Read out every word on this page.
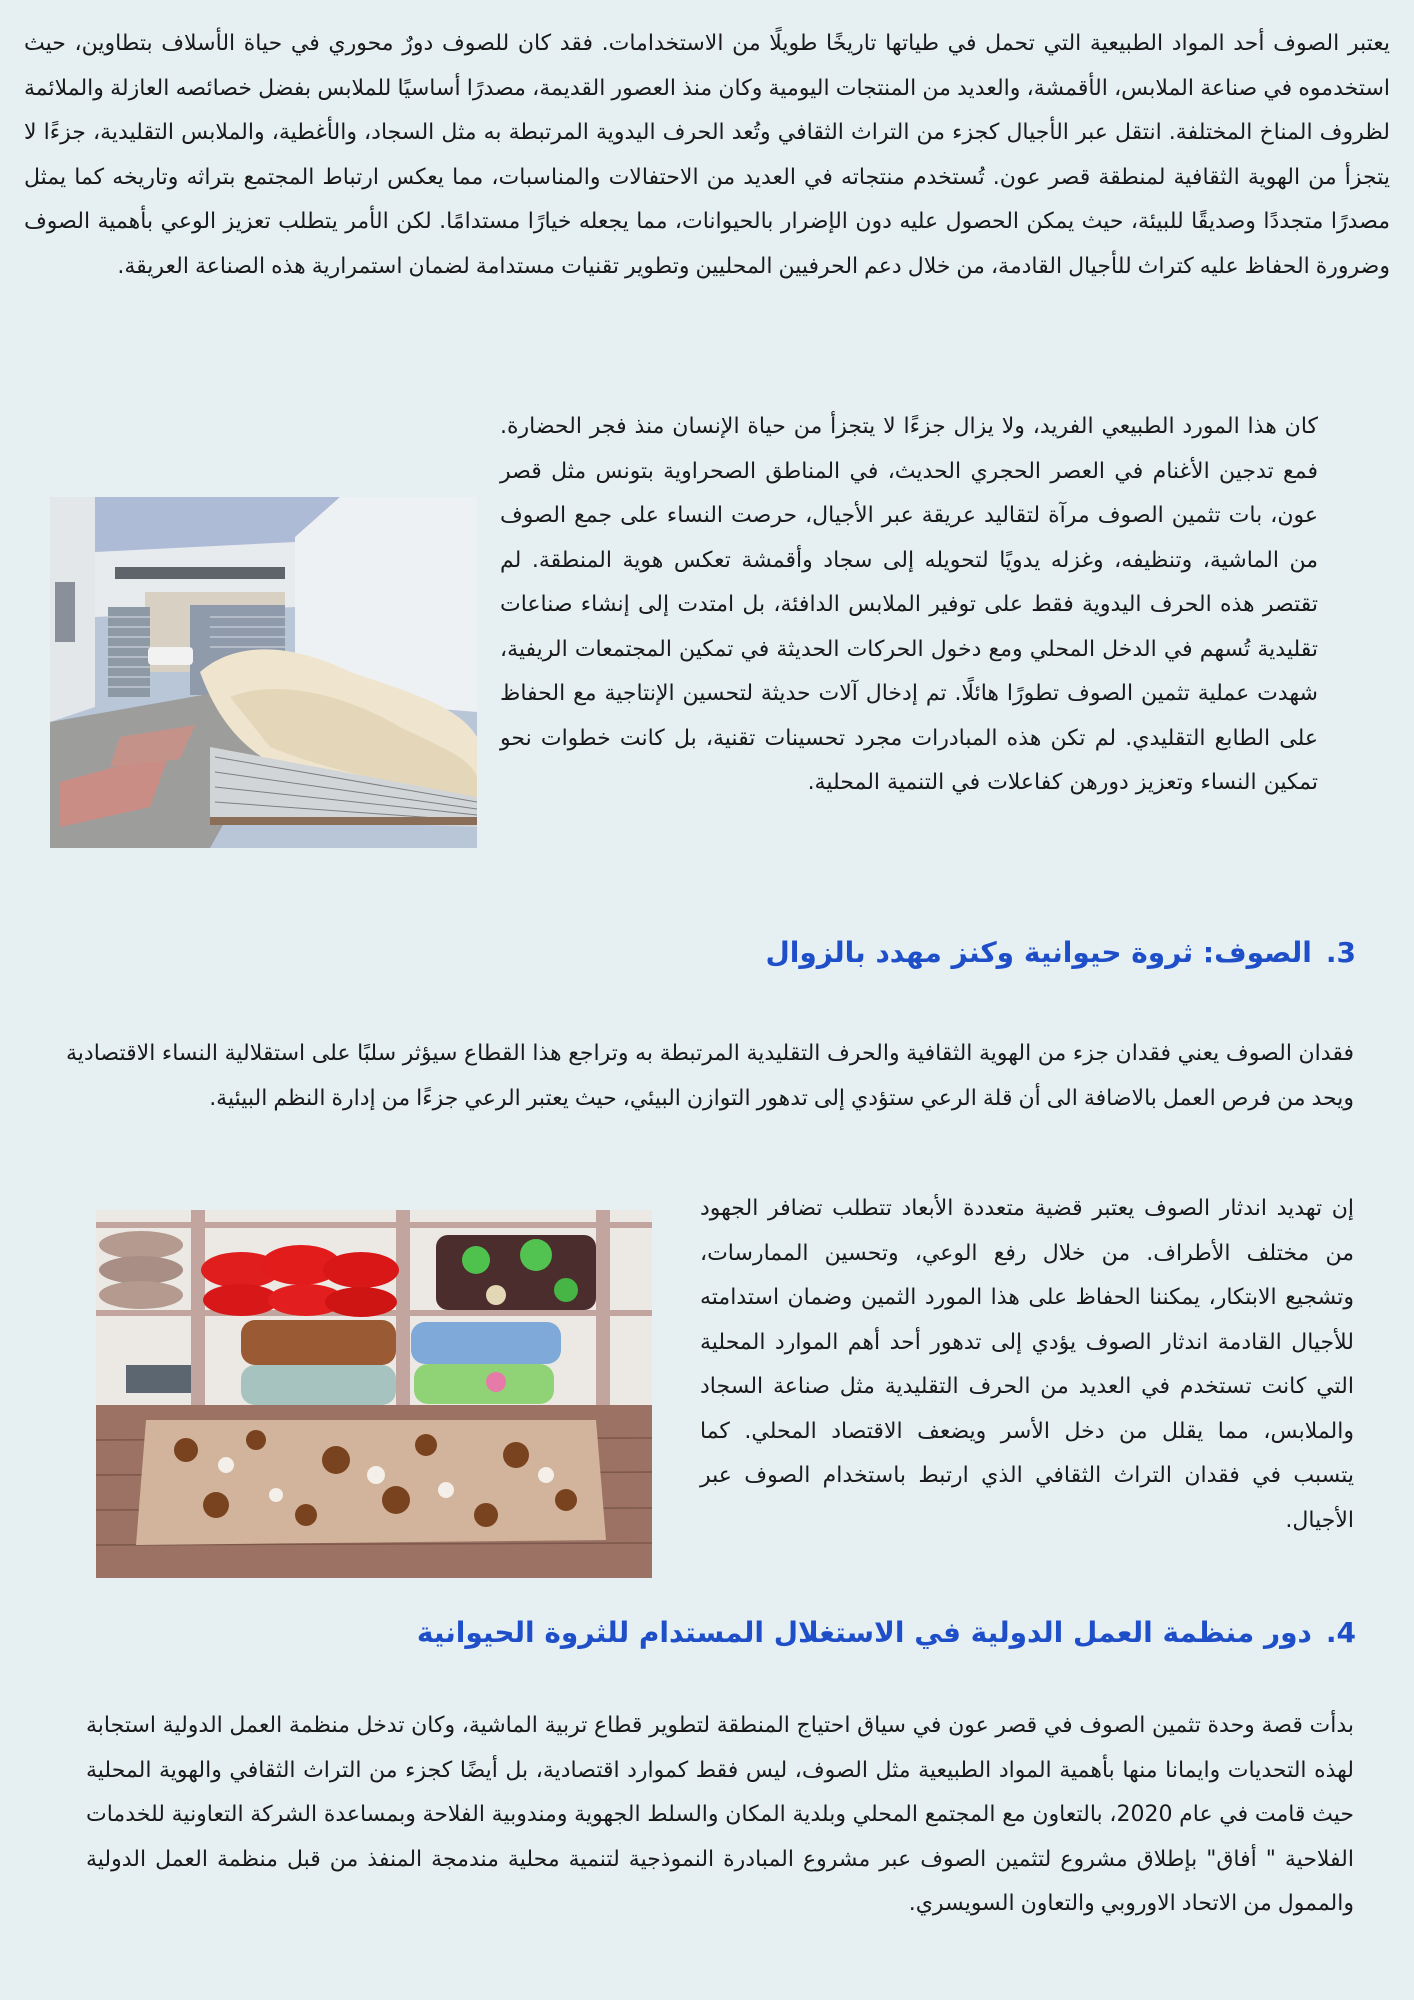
يعتبر الصوف أحد المواد الطبيعية التي تحمل في طياتها تاريخًا طويلًا من الاستخدامات. فقد كان للصوف دورٌ محوري في حياة الأسلاف بتطاوين، حيث استخدموه في صناعة الملابس، الأقمشة، والعديد من المنتجات اليومية وكان منذ العصور القديمة، مصدرًا أساسيًا للملابس بفضل خصائصه العازلة والملائمة لظروف المناخ المختلفة. انتقل عبر الأجيال كجزء من التراث الثقافي وتُعد الحرف اليدوية المرتبطة به مثل السجاد، والأغطية، والملابس التقليدية، جزءًا لا يتجزأ من الهوية الثقافية لمنطقة قصر عون. تُستخدم منتجاته في العديد من الاحتفالات والمناسبات، مما يعكس ارتباط المجتمع بتراثه وتاريخه كما يمثل مصدرًا متجددًا وصديقًا للبيئة، حيث يمكن الحصول عليه دون الإضرار بالحيوانات، مما يجعله خيارًا مستدامًا. لكن الأمر يتطلب تعزيز الوعي بأهمية الصوف وضرورة الحفاظ عليه كتراث للأجيال القادمة، من خلال دعم الحرفيين المحليين وتطوير تقنيات مستدامة لضمان استمرارية هذه الصناعة العريقة.

كان هذا المورد الطبيعي الفريد، ولا يزال جزءًا لا يتجزأ من حياة الإنسان منذ فجر الحضارة. فمع تدجين الأغنام في العصر الحجري الحديث، في المناطق الصحراوية بتونس مثل قصر عون، بات تثمين الصوف مرآة لتقاليد عريقة عبر الأجيال، حرصت النساء على جمع الصوف من الماشية، وتنظيفه، وغزله يدويًا لتحويله إلى سجاد وأقمشة تعكس هوية المنطقة. لم تقتصر هذه الحرف اليدوية فقط على توفير الملابس الدافئة، بل امتدت إلى إنشاء صناعات تقليدية تُسهم في الدخل المحلي ومع دخول الحركات الحديثة في تمكين المجتمعات الريفية، شهدت عملية تثمين الصوف تطورًا هائلًا. تم إدخال آلات حديثة لتحسين الإنتاجية مع الحفاظ على الطابع التقليدي. لم تكن هذه المبادرات مجرد تحسينات تقنية، بل كانت خطوات نحو تمكين النساء وتعزيز دورهن كفاعلات في التنمية المحلية.

3.الصوف: ثروة حيوانية وكنز مهدد بالزوال

فقدان الصوف يعني فقدان جزء من الهوية الثقافية والحرف التقليدية المرتبطة به وتراجع هذا القطاع سيؤثر سلبًا على استقلالية النساء الاقتصادية ويحد من فرص العمل بالاضافة الى أن قلة الرعي ستؤدي إلى تدهور التوازن البيئي، حيث يعتبر الرعي جزءًا من إدارة النظم البيئية.

إن تهديد اندثار الصوف يعتبر قضية متعددة الأبعاد تتطلب تضافر الجهود من مختلف الأطراف. من خلال رفع الوعي، وتحسين الممارسات، وتشجيع الابتكار، يمكننا الحفاظ على هذا المورد الثمين وضمان استدامته للأجيال القادمة اندثار الصوف يؤدي إلى تدهور أحد أهم الموارد المحلية التي كانت تستخدم في العديد من الحرف التقليدية مثل صناعة السجاد والملابس، مما يقلل من دخل الأسر ويضعف الاقتصاد المحلي. كما يتسبب في فقدان التراث الثقافي الذي ارتبط باستخدام الصوف عبر الأجيال.

4.دور منظمة العمل الدولية في الاستغلال المستدام للثروة الحيوانية

بدأت قصة وحدة تثمين الصوف في قصر عون في سياق احتياج المنطقة لتطوير قطاع تربية الماشية، وكان تدخل منظمة العمل الدولية استجابة لهذه التحديات وايمانا منها بأهمية المواد الطبيعية مثل الصوف، ليس فقط كموارد اقتصادية، بل أيضًا كجزء من التراث الثقافي والهوية المحلية حيث قامت في عام 2020، بالتعاون مع المجتمع المحلي وبلدية المكان والسلط الجهوية ومندوبية الفلاحة وبمساعدة الشركة التعاونية للخدمات الفلاحية " أفاق" بإطلاق مشروع لتثمين الصوف عبر مشروع المبادرة النموذجية لتنمية محلية مندمجة المنفذ من قبل منظمة العمل الدولية والممول من الاتحاد الاوروبي والتعاون السويسري.
